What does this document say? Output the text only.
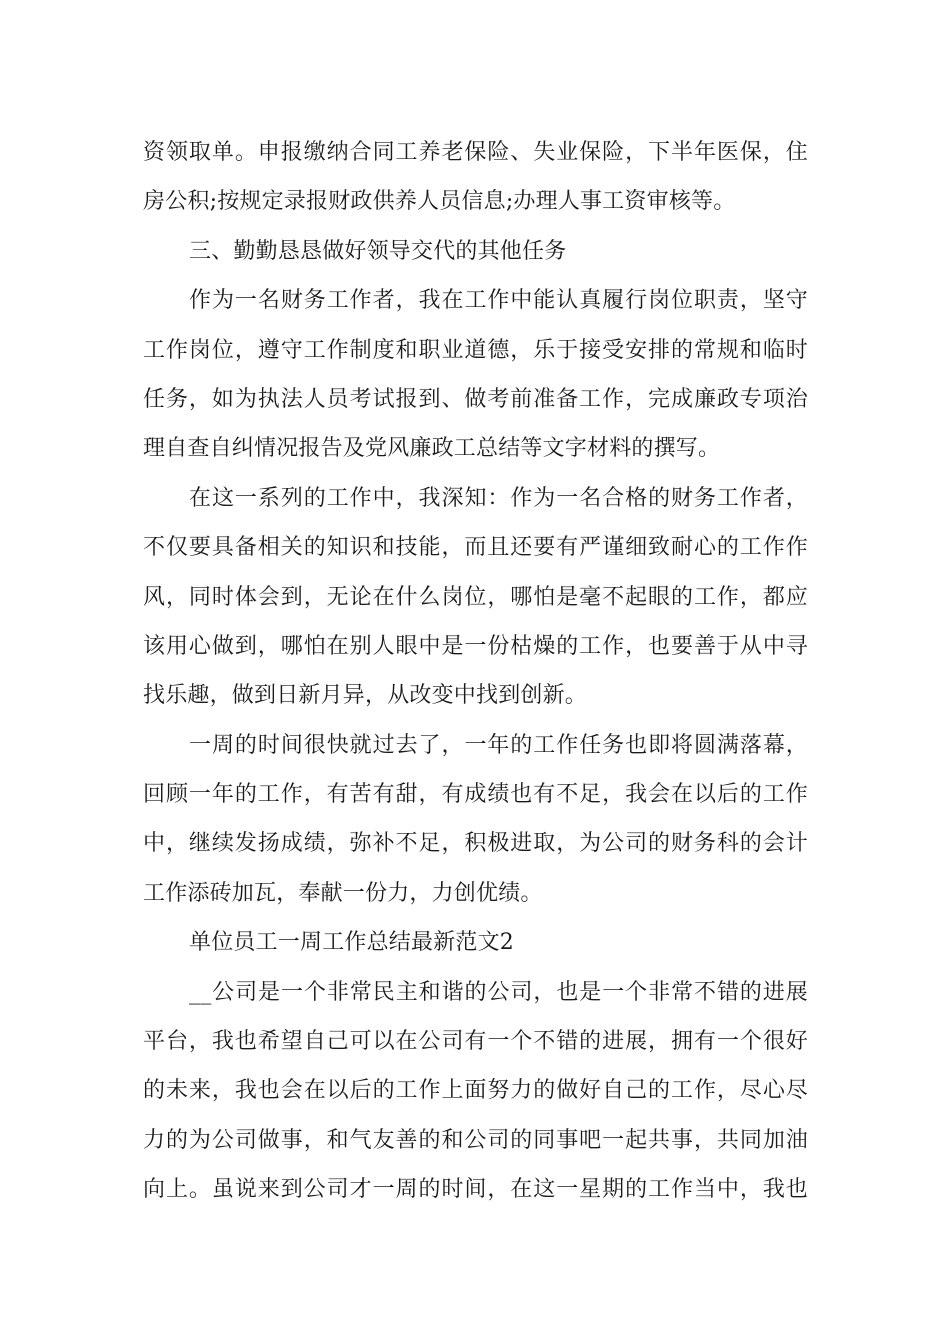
资领取单。申报缴纳合同工养老保险、失业保险，下半年医保，住
房公积;按规定录报财政供养人员信息;办理人事工资审核等。
三、勤勤恳恳做好领导交代的其他任务
作为一名财务工作者，我在工作中能认真履行岗位职责，坚守
工作岗位，遵守工作制度和职业道德，乐于接受安排的常规和临时
任务，如为执法人员考试报到、做考前准备工作，完成廉政专项治
理自查自纠情况报告及党风廉政工总结等文字材料的撰写。
在这一系列的工作中，我深知：作为一名合格的财务工作者，
不仅要具备相关的知识和技能，而且还要有严谨细致耐心的工作作
风，同时体会到，无论在什么岗位，哪怕是毫不起眼的工作，都应
该用心做到，哪怕在别人眼中是一份枯燥的工作，也要善于从中寻
找乐趣，做到日新月异，从改变中找到创新。
一周的时间很快就过去了，一年的工作任务也即将圆满落幕，
回顾一年的工作，有苦有甜，有成绩也有不足，我会在以后的工作
中，继续发扬成绩，弥补不足，积极进取，为公司的财务科的会计
工作添砖加瓦，奉献一份力，力创优绩。
单位员工一周工作总结最新范文2
__公司是一个非常民主和谐的公司，也是一个非常不错的进展
平台，我也希望自己可以在公司有一个不错的进展，拥有一个很好
的未来，我也会在以后的工作上面努力的做好自己的工作，尽心尽
力的为公司做事，和气友善的和公司的同事吧一起共事，共同加油
向上。虽说来到公司才一周的时间，在这一星期的工作当中，我也
